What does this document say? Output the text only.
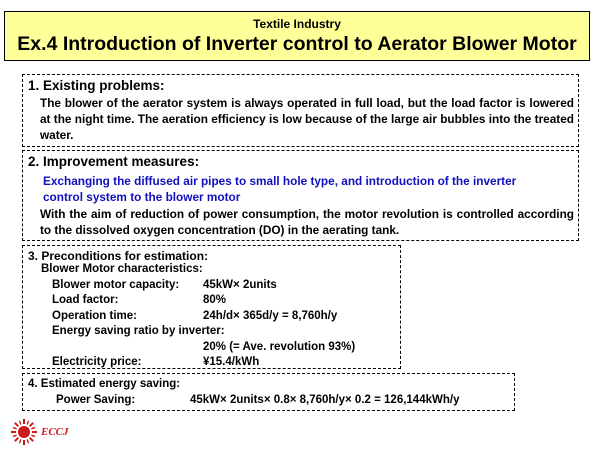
Textile Industry
Ex.4 Introduction of Inverter control to Aerator Blower Motor
1. Existing problems:
The blower of the aerator system is always operated in full load, but the load factor is lowered at the night time. The aeration efficiency is low because of the large air bubbles into the treated water.
2. Improvement measures:
Exchanging the diffused air pipes to small hole type, and introduction of the inverter control system to the blower motor
With the aim of reduction of power consumption, the motor revolution is controlled according to the dissolved oxygen concentration (DO) in the aerating tank.
3. Preconditions for estimation:
Blower Motor characteristics:
Blower motor capacity:	45kW× 2units
Load factor:	80%
Operation time:	24h/d× 365d/y = 8,760h/y
Energy saving ratio by inverter:
20% (= Ave. revolution 93%)
Electricity price:	¥15.4/kWh
4. Estimated energy saving:
Power Saving:	45kW× 2units× 0.8× 8,760h/y× 0.2 = 126,144kWh/y
ECCJ
